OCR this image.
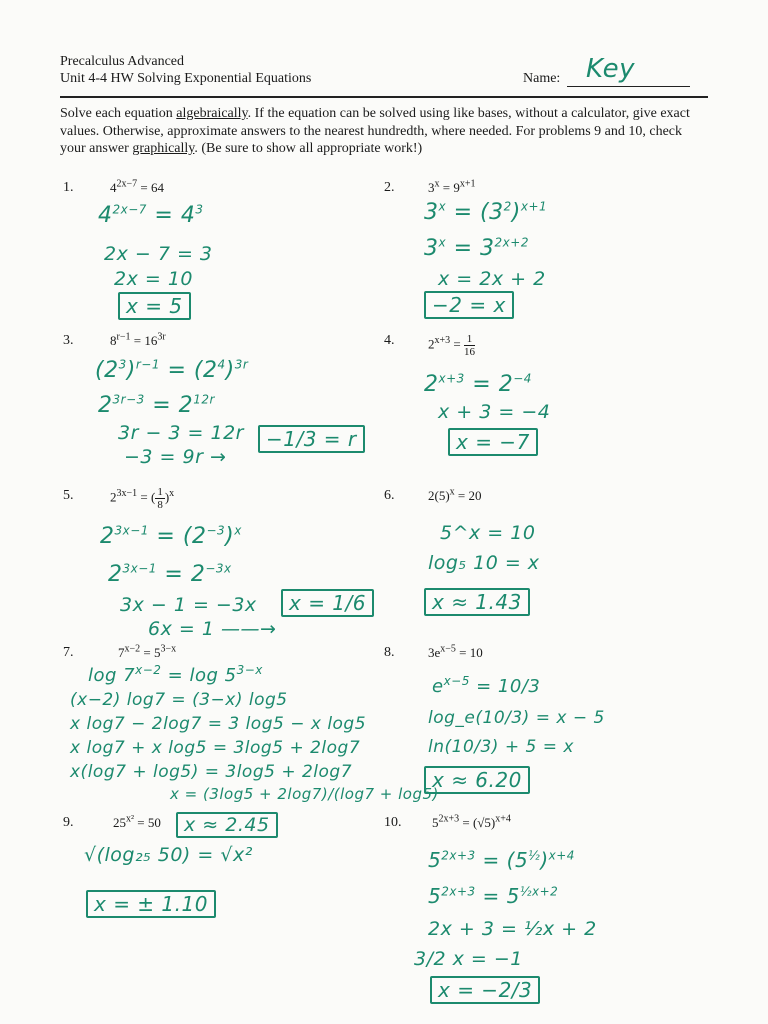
Precalculus Advanced
Unit 4-4 HW Solving Exponential Equations	Name: Key
Solve each equation algebraically. If the equation can be solved using like bases, without a calculator, give exact values. Otherwise, approximate answers to the nearest hundredth, where needed. For problems 9 and 10, check your answer graphically. (Be sure to show all appropriate work!)
1.	$4^{2x-7} = 64$
$4^{2x-7} = 4^3$
2x − 7 = 3
2x = 10
x = 5
2.	$3^x = 9^{x+1}$
$3^x = (3^2)^{x+1}$
$3^x = 3^{2x+2}$
x = 2x + 2
−2 = x
3.	$8^{r-1} = 16^{3r}$
$(2^3)^{r-1} = (2^4)^{3r}$
$2^{3r-3} = 2^{12r}$
3r − 3 = 12r
−3 = 9r →
−1/3 = r
4.	$2^{x+3} = \frac{1}{16}$
$2^{x+3} = 2^{-4}$
x + 3 = −4
x = −7
5.	$2^{3x-1}$ = ( $\frac{1}{8} )^x$
$2^{3x-1} = (2^{-3})^x$
$2^{3x-1} = 2^{-3x}$
3x − 1 = −3x
6x = 1 ——→
x = 1/6
6.	$2(5)^x = 20$
5^x = 10
log₅ 10 = x
x ≈ 1.43
7.	$7^{x-2} = 5^{3-x}$
$\log 7^{x-2} = \log 5^{3-x}$
(x−2) log7 = (3−x) log5
x log7 − 2log7 = 3 log5 − x log5
x log7 + x log5 = 3log5 + 2log7
x(log7 + log5) = 3log5 + 2log7
x = (3log5 + 2log7)/(log7 + log5)
8.	$3e^{x-5} = 10$
$e^{x-5} = 10/3$
log_e(10/3) = x − 5
ln(10/3) + 5 = x
x ≈ 6.20
9.	$25^{x^2} = 50$	x ≈ 2.45
√(log₂₅ 50) = √x²
x = ± 1.10
10. $5^{2x+3} = (√5)^{x+4}$
$5^{2x+3} = (5^{\frac{1}{2}})^{x+4}$
$5^{2x+3} = 5^{\frac{1}{2}x+2}$
2x + 3 = ½x + 2
3/2 x = −1
x = −2/3
